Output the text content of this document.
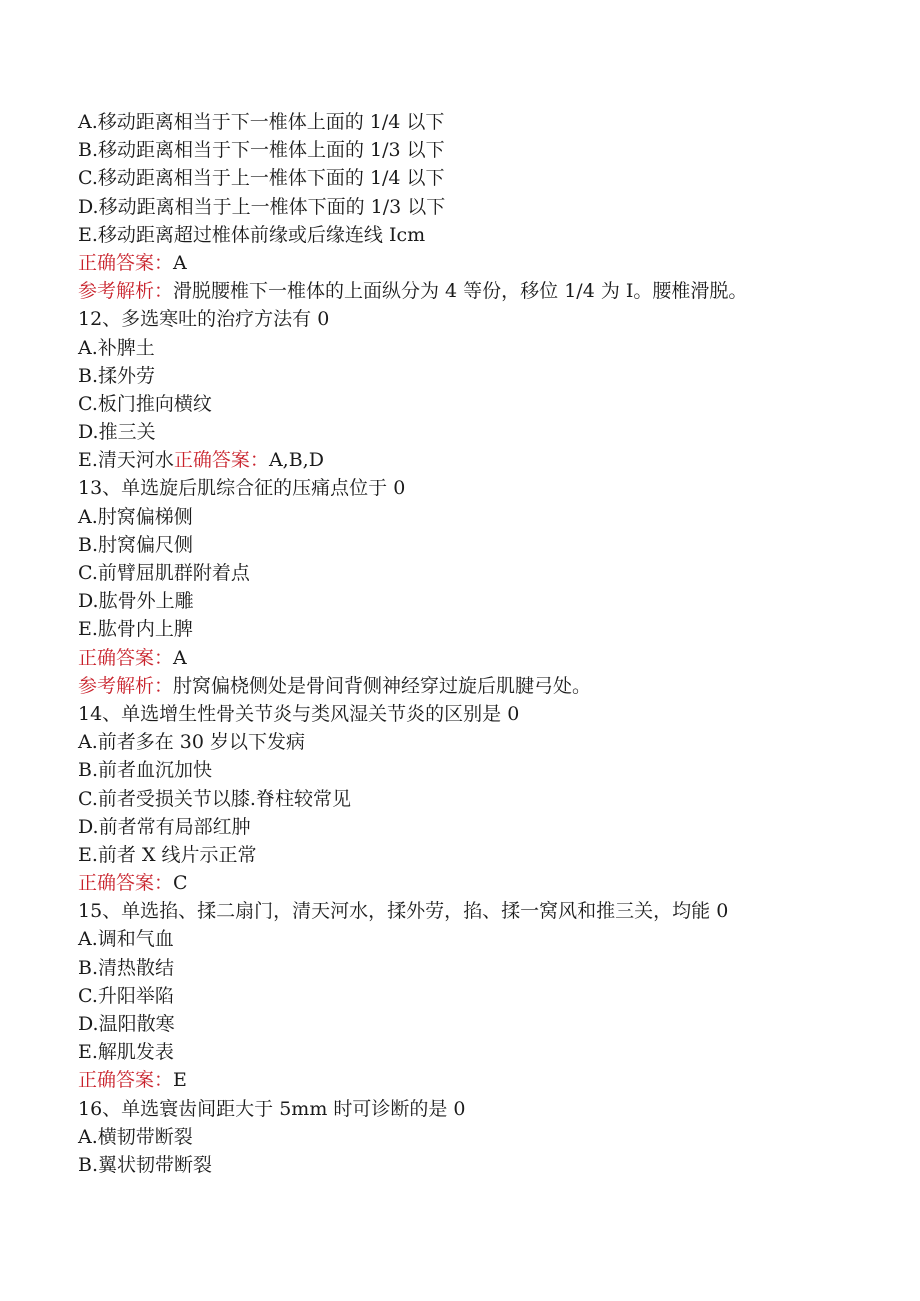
A.移动距离相当于下一椎体上面的 1/4 以下
B.移动距离相当于下一椎体上面的 1/3 以下
C.移动距离相当于上一椎体下面的 1/4 以下
D.移动距离相当于上一椎体下面的 1/3 以下
E.移动距离超过椎体前缘或后缘连线 Icm
正确答案：A
参考解析：滑脱腰椎下一椎体的上面纵分为 4 等份，移位 1/4 为 I。腰椎滑脱。
12、多选寒吐的治疗方法有 0
A.补脾土
B.揉外劳
C.板门推向横纹
D.推三关
E.清天河水正确答案：A,B,D
13、单选旋后肌综合征的压痛点位于 0
A.肘窝偏梯侧
B.肘窝偏尺侧
C.前臂屈肌群附着点
D.肱骨外上雕
E.肱骨内上脾
正确答案：A
参考解析：肘窝偏桡侧处是骨间背侧神经穿过旋后肌腱弓处。
14、单选增生性骨关节炎与类风湿关节炎的区别是 0
A.前者多在 30 岁以下发病
B.前者血沉加快
C.前者受损关节以膝.脊柱较常见
D.前者常有局部红肿
E.前者 X 线片示正常
正确答案：C
15、单选掐、揉二扇门，清天河水，揉外劳，掐、揉一窝风和推三关，均能 0
A.调和气血
B.清热散结
C.升阳举陷
D.温阳散寒
E.解肌发表
正确答案：E
16、单选寰齿间距大于 5mm 时可诊断的是 0
A.横韧带断裂
B.翼状韧带断裂
